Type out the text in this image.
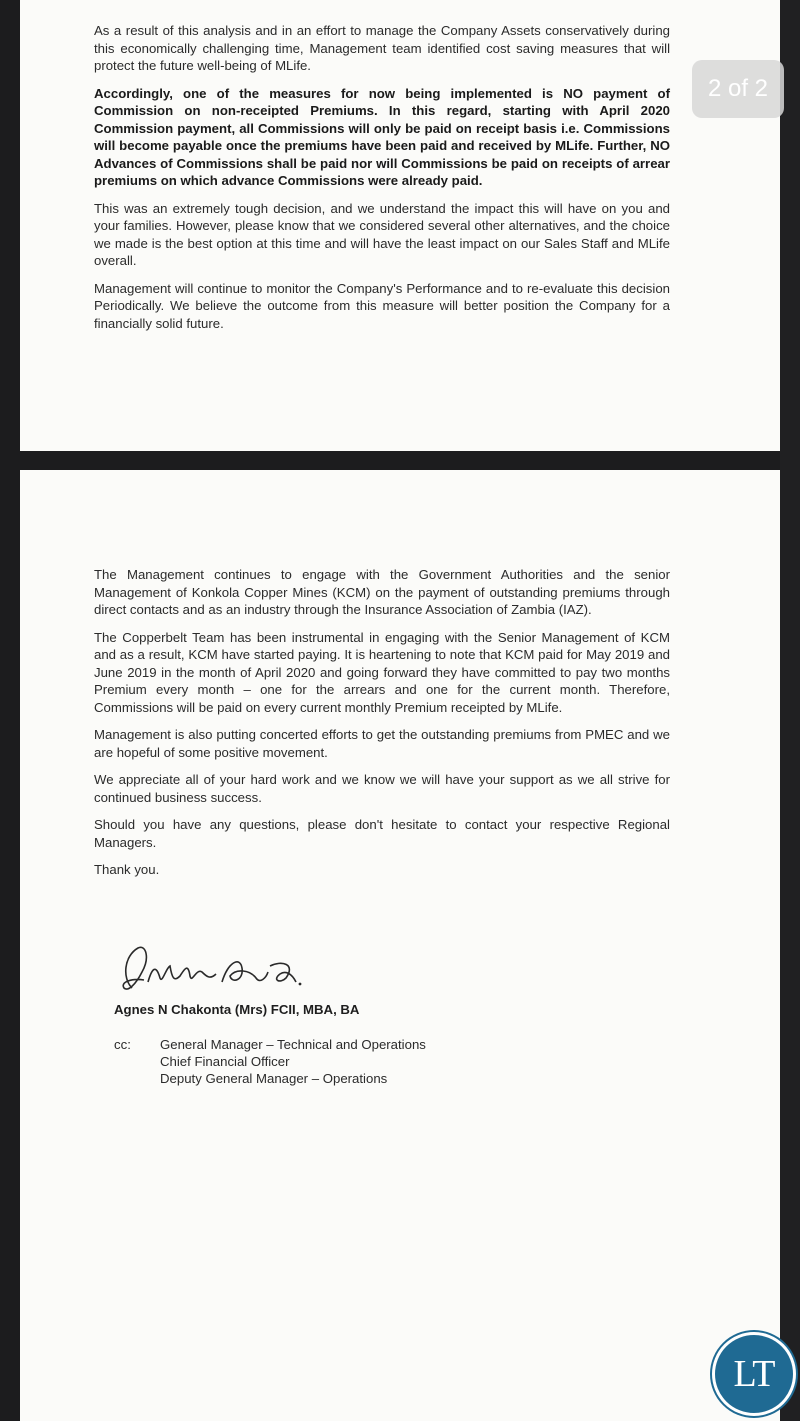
As a result of this analysis and in an effort to manage the Company Assets conservatively during this economically challenging time, Management team identified cost saving measures that will protect the future well-being of MLife.

Accordingly, one of the measures for now being implemented is NO payment of Commission on non-receipted Premiums. In this regard, starting with April 2020 Commission payment, all Commissions will only be paid on receipt basis i.e. Commissions will become payable once the premiums have been paid and received by MLife. Further, NO Advances of Commissions shall be paid nor will Commissions be paid on receipts of arrear premiums on which advance Commissions were already paid.

This was an extremely tough decision, and we understand the impact this will have on you and your families. However, please know that we considered several other alternatives, and the choice we made is the best option at this time and will have the least impact on our Sales Staff and MLife overall.

Management will continue to monitor the Company's Performance and to re-evaluate this decision Periodically. We believe the outcome from this measure will better position the Company for a financially solid future.

The Management continues to engage with the Government Authorities and the senior Management of Konkola Copper Mines (KCM) on the payment of outstanding premiums through direct contacts and as an industry through the Insurance Association of Zambia (IAZ).

The Copperbelt Team has been instrumental in engaging with the Senior Management of KCM and as a result, KCM have started paying. It is heartening to note that KCM paid for May 2019 and June 2019 in the month of April 2020 and going forward they have committed to pay two months Premium every month – one for the arrears and one for the current month. Therefore, Commissions will be paid on every current monthly Premium receipted by MLife.

Management is also putting concerted efforts to get the outstanding premiums from PMEC and we are hopeful of some positive movement.

We appreciate all of your hard work and we know we will have your support as we all strive for continued business success.

Should you have any questions, please don't hesitate to contact your respective Regional Managers.

Thank you.

2 of 2
Agnes N Chakonta (Mrs) FCII, MBA, BA
cc: General Manager – Technical and Operations
Chief Financial Officer
Deputy General Manager – Operations
LT
